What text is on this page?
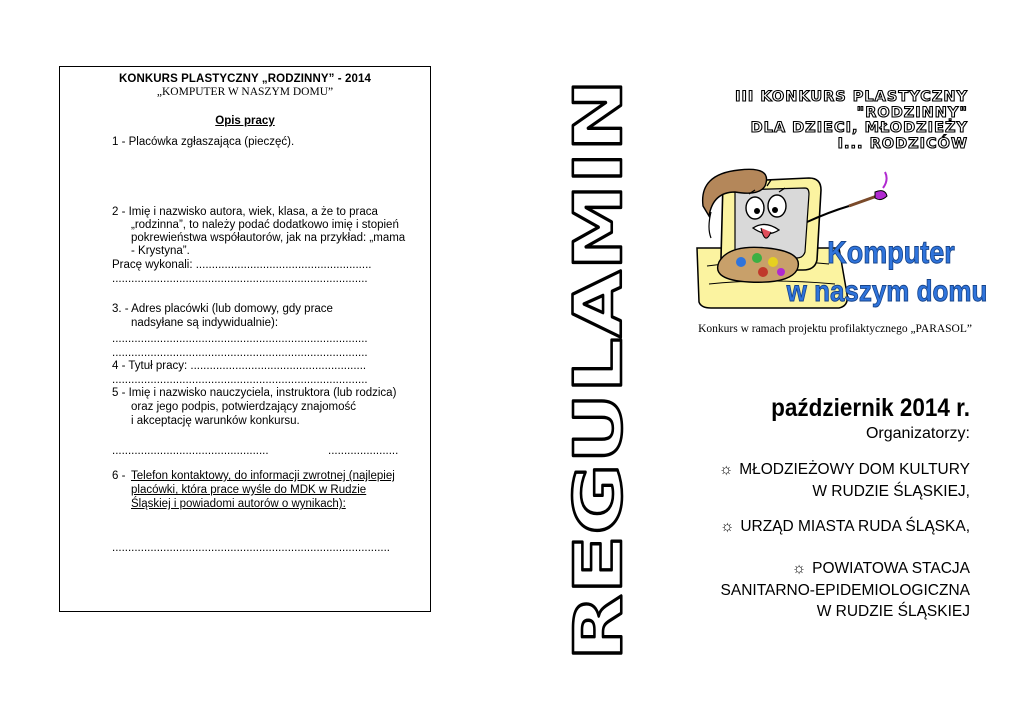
KONKURS PLASTYCZNY „RODZINNY” - 2014
„KOMPUTER W NASZYM DOMU”
Opis pracy
1 - Placówka zgłaszająca (pieczęć).
2 - Imię i nazwisko autora, wiek, klasa, a że to praca
„rodzinna”, to należy podać dodatkowo imię i stopień
pokrewieństwa współautorów, jak na przykład: „mama
- Krystyna”.
Pracę wykonali: .......................................................
................................................................................
3. - Adres placówki (lub domowy, gdy prace
nadsyłane są indywidualnie):
................................................................................
................................................................................
4 - Tytuł pracy: .......................................................
................................................................................
5 - Imię i nazwisko nauczyciela, instruktora (lub rodzica)
oraz jego podpis, potwierdzający znajomość
i akceptację warunków konkursu.
.................................................	......................
6 - Telefon kontaktowy, do informacji zwrotnej (najlepiej
placówki, która prace wyśle do MDK w Rudzie
Śląskiej i powiadomi autorów o wynikach):
.......................................................................................	REGULAMIN
III KONKURS PLASTYCZNY
"RODZINNY"
DLA DZIECI, MŁODZIEŻY
I... RODZICÓW
Komputer
w naszym domu
Konkurs w ramach projektu profilaktycznego „PARASOL”
październik 2014 r.
Organizatorzy:
☼ MŁODZIEŻOWY DOM KULTURY
W RUDZIE ŚLĄSKIEJ,
☼ URZĄD MIASTA RUDA ŚLĄSKA,
☼ POWIATOWA STACJA
SANITARNO-EPIDEMIOLOGICZNA
W RUDZIE ŚLĄSKIEJ
